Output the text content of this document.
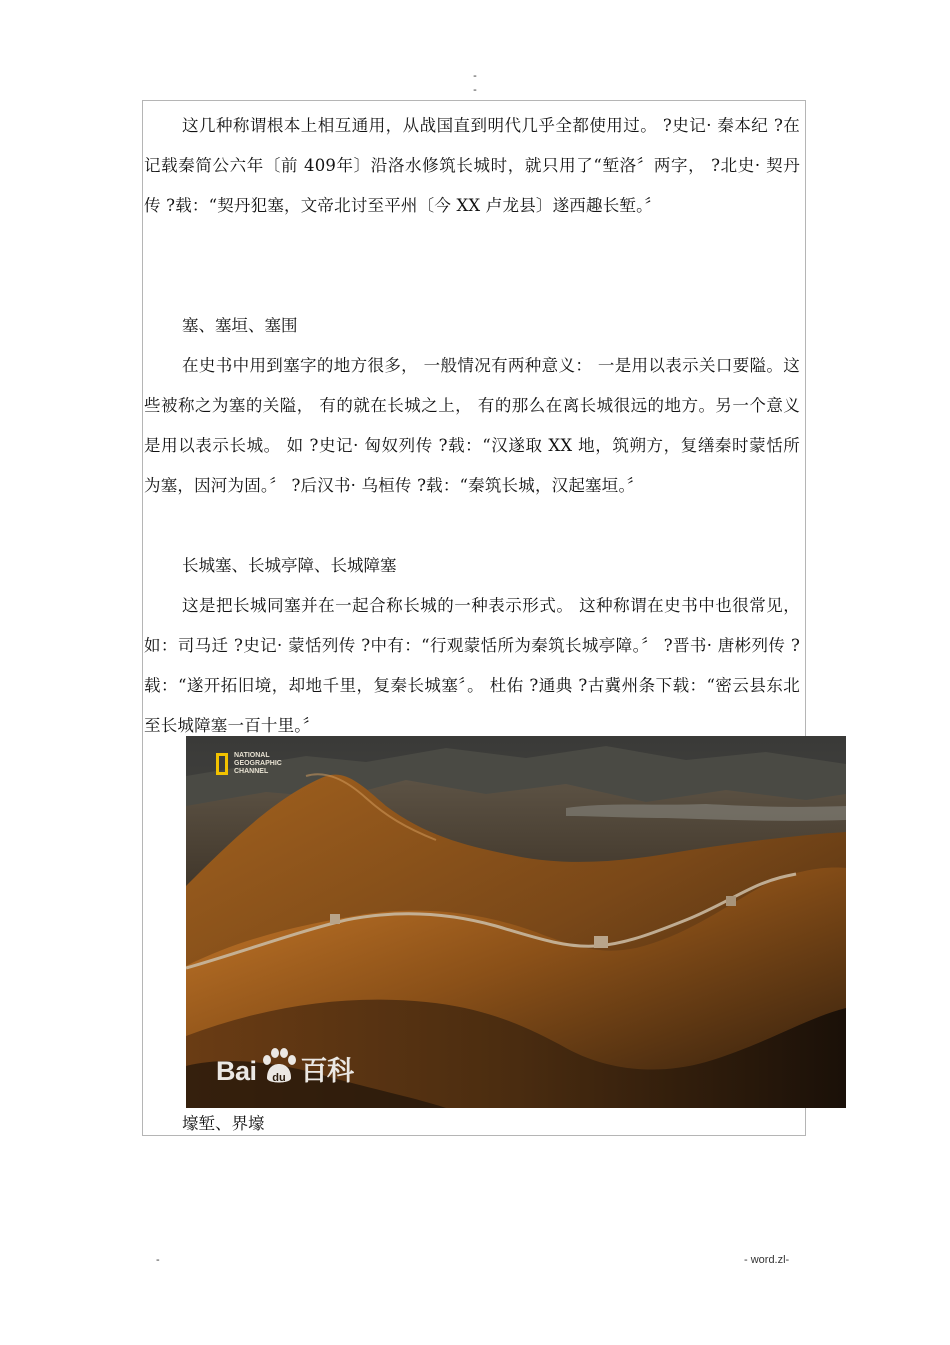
-
-

这几种称谓根本上相互通用，从战国直到明代几乎全都使用过。 ?史记· 秦本纪 ?在记载秦简公六年〔前 409年〕沿洛水修筑长城时，就只用了“堑洛〞两字， ?北史· 契丹传 ?载：“契丹犯塞，文帝北讨至平州〔今 XX 卢龙县〕遂西趣长堑。〞

塞、塞垣、塞围

在史书中用到塞字的地方很多， 一般情况有两种意义： 一是用以表示关口要隘。这些被称之为塞的关隘， 有的就在长城之上， 有的那么在离长城很远的地方。另一个意义是用以表示长城。 如 ?史记· 匈奴列传 ?载：“汉遂取 XX 地，筑朔方，复缮秦时蒙恬所为塞，因河为固。〞 ?后汉书· 乌桓传 ?载：“秦筑长城，汉起塞垣。〞

长城塞、长城亭障、长城障塞

这是把长城同塞并在一起合称长城的一种表示形式。 这种称谓在史书中也很常见，如：司马迁 ?史记· 蒙恬列传 ?中有：“行观蒙恬所为秦筑长城亭障。〞 ?晋书· 唐彬列传 ?载：“遂开拓旧境，却地千里，复秦长城塞〞。 杜佑 ?通典 ?古冀州条下载：“密云县东北至长城障塞一百十里。〞

NATIONAL GEOGRAPHIC CHANNEL
Bai du 百科
壕堑、界壕
-	- word.zl-
